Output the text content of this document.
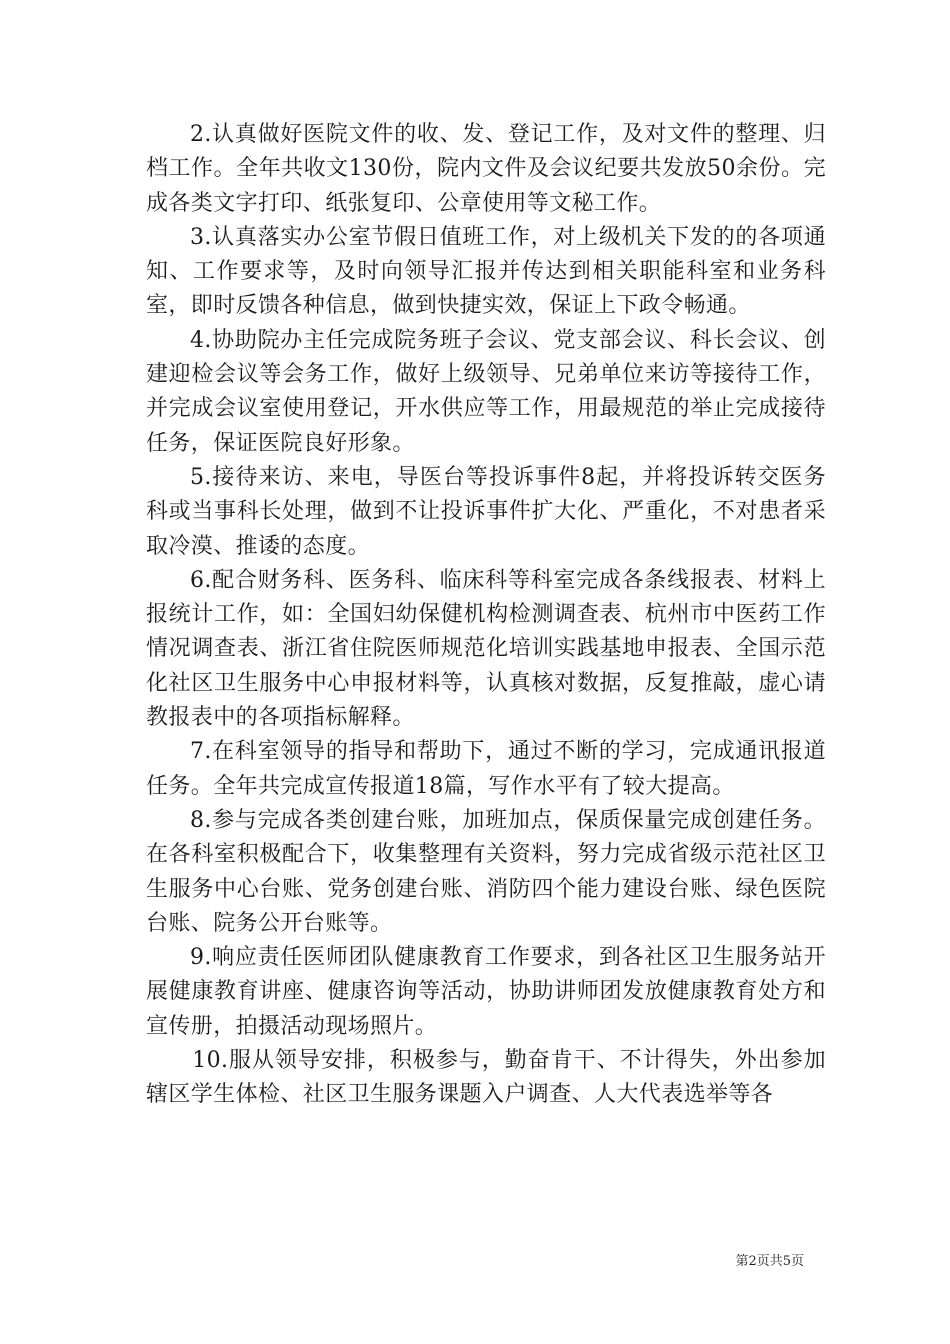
2.认真做好医院文件的收、发、登记工作，及对文件的整理、归档工作。全年共收文130份，院内文件及会议纪要共发放50余份。完成各类文字打印、纸张复印、公章使用等文秘工作。

3.认真落实办公室节假日值班工作，对上级机关下发的的各项通知、工作要求等，及时向领导汇报并传达到相关职能科室和业务科室，即时反馈各种信息，做到快捷实效，保证上下政令畅通。

4.协助院办主任完成院务班子会议、党支部会议、科长会议、创建迎检会议等会务工作，做好上级领导、兄弟单位来访等接待工作，并完成会议室使用登记，开水供应等工作，用最规范的举止完成接待任务，保证医院良好形象。

5.接待来访、来电，导医台等投诉事件8起，并将投诉转交医务科或当事科长处理，做到不让投诉事件扩大化、严重化，不对患者采取冷漠、推诿的态度。

6.配合财务科、医务科、临床科等科室完成各条线报表、材料上报统计工作，如：全国妇幼保健机构检测调查表、杭州市中医药工作情况调查表、浙江省住院医师规范化培训实践基地申报表、全国示范化社区卫生服务中心申报材料等，认真核对数据，反复推敲，虚心请教报表中的各项指标解释。

7.在科室领导的指导和帮助下，通过不断的学习，完成通讯报道任务。全年共完成宣传报道18篇，写作水平有了较大提高。

8.参与完成各类创建台账，加班加点，保质保量完成创建任务。在各科室积极配合下，收集整理有关资料，努力完成省级示范社区卫生服务中心台账、党务创建台账、消防四个能力建设台账、绿色医院台账、院务公开台账等。

9.响应责任医师团队健康教育工作要求，到各社区卫生服务站开展健康教育讲座、健康咨询等活动，协助讲师团发放健康教育处方和宣传册，拍摄活动现场照片。

10.服从领导安排，积极参与，勤奋肯干、不计得失，外出参加辖区学生体检、社区卫生服务课题入户调查、人大代表选举等各

第2页共5页
